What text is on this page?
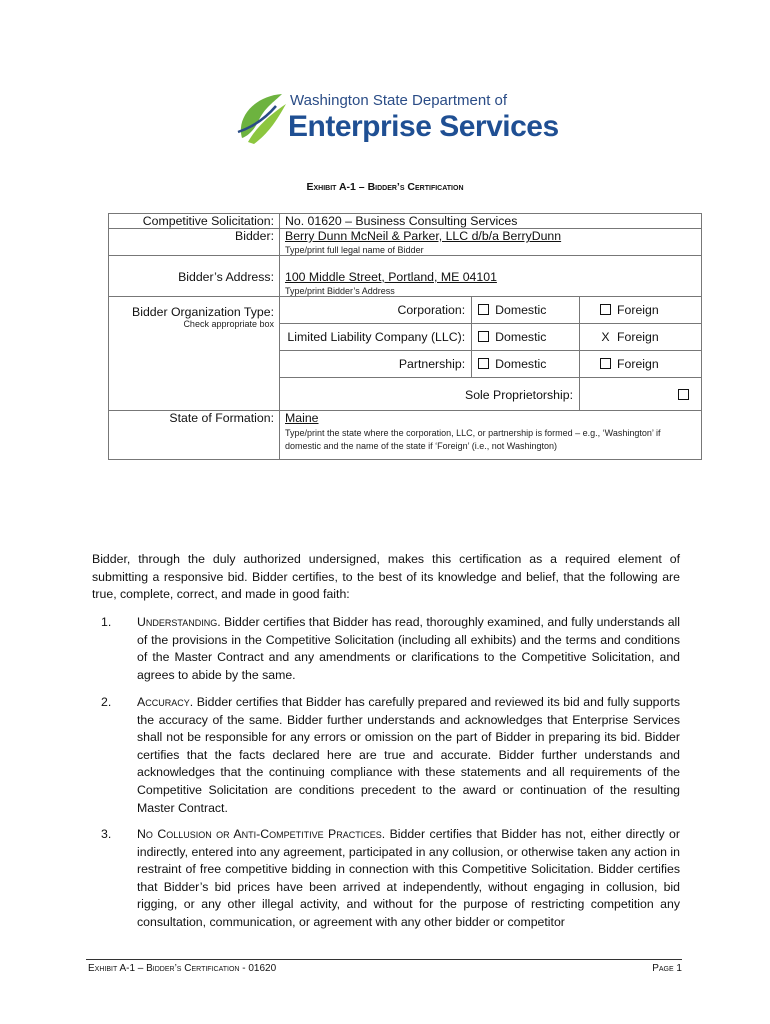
Washington State Department of
Enterprise Services
Exhibit A-1 – Bidder’s Certification
Competitive Solicitation:	No. 01620 – Business Consulting Services
Bidder:	Berry Dunn McNeil & Parker, LLC d/b/a BerryDunn
Type/print full legal name of Bidder

Bidder’s Address:	100 Middle Street, Portland, ME 04101
Type/print Bidder’s Address

Bidder Organization Type:
Check appropriate box

Corporation:	Domestic	Foreign
Limited Liability Company (LLC):	Domestic	X Foreign
Partnership:	Domestic	Foreign
Sole Proprietorship:	

State of Formation:	Maine
Type/print the state where the corporation, LLC, or partnership is formed – e.g., ‘Washington’ if domestic and the name of the state if ‘Foreign’ (i.e., not Washington)
Bidder, through the duly authorized undersigned, makes this certification as a required element of submitting a responsive bid. Bidder certifies, to the best of its knowledge and belief, that the following are true, complete, correct, and made in good faith:
1. Understanding. Bidder certifies that Bidder has read, thoroughly examined, and fully understands all of the provisions in the Competitive Solicitation (including all exhibits) and the terms and conditions of the Master Contract and any amendments or clarifications to the Competitive Solicitation, and agrees to abide by the same.
2. Accuracy. Bidder certifies that Bidder has carefully prepared and reviewed its bid and fully supports the accuracy of the same. Bidder further understands and acknowledges that Enterprise Services shall not be responsible for any errors or omission on the part of Bidder in preparing its bid. Bidder certifies that the facts declared here are true and accurate. Bidder further understands and acknowledges that the continuing compliance with these statements and all requirements of the Competitive Solicitation are conditions precedent to the award or continuation of the resulting Master Contract.
3. No Collusion or Anti-Competitive Practices. Bidder certifies that Bidder has not, either directly or indirectly, entered into any agreement, participated in any collusion, or otherwise taken any action in restraint of free competitive bidding in connection with this Competitive Solicitation. Bidder certifies that Bidder’s bid prices have been arrived at independently, without engaging in collusion, bid rigging, or any other illegal activity, and without for the purpose of restricting competition any consultation, communication, or agreement with any other bidder or competitor
Exhibit A-1 – Bidder’s Certification - 01620	Page 1
